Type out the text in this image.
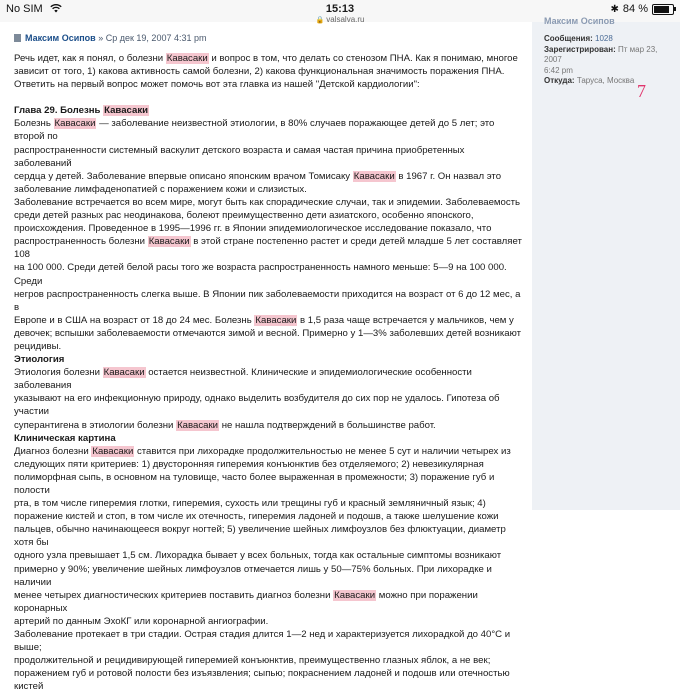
No SIM	15:13
🔒 valsalva.ru
✱ 84 %
Максим Осипов » Ср дек 19, 2007 4:31 pm

Речь идет, как я понял, о болезни Кавасаки и вопрос в том, что делать со стенозом ПНА. Как я понимаю, многое

зависит от того, 1) какова активность самой болезни, 2) какова функциональная значимость поражения ПНА.

Ответить на первый вопрос может помочь вот эта главка из нашей "Детской кардиологии":

Глава 29. Болезнь Кавасаки

Болезнь Кавасаки — заболевание неизвестной этиологии, в 80% случаев поражающее детей до 5 лет; это второй по

распространенности системный васкулит детского возраста и самая частая причина приобретенных заболеваний

сердца у детей. Заболевание впервые описано японским врачом Томисаку Кавасаки в 1967 г. Он назвал это

заболевание лимфаденопатией с поражением кожи и слизистых.

Заболевание встречается во всем мире, могут быть как спорадические случаи, так и эпидемии. Заболеваемость

среди детей разных рас неодинакова, болеют преимущественно дети азиатского, особенно японского,

происхождения. Проведенное в 1995—1996 гг. в Японии эпидемиологическое исследование показало, что

распространенность болезни Кавасаки в этой стране постепенно растет и среди детей младше 5 лет составляет 108

на 100 000. Среди детей белой расы того же возраста распространенность намного меньше: 5—9 на 100 000. Среди

негров распространенность слегка выше. В Японии пик заболеваемости приходится на возраст от 6 до 12 мес, а в

Европе и в США на возраст от 18 до 24 мес. Болезнь Кавасаки в 1,5 раза чаще встречается у мальчиков, чем у

девочек; вспышки заболеваемости отмечаются зимой и весной. Примерно у 1—3% заболевших детей возникают

рецидивы.

Этиология

Этиология болезни Кавасаки остается неизвестной. Клинические и эпидемиологические особенности заболевания

указывают на его инфекционную природу, однако выделить возбудителя до сих пор не удалось. Гипотеза об участии

суперантигена в этиологии болезни Кавасаки не нашла подтверждений в большинстве работ.

Клиническая картина

Диагноз болезни Кавасаки ставится при лихорадке продолжительностью не менее 5 сут и наличии четырех из

следующих пяти критериев: 1) двусторонняя гиперемия конъюнктив без отделяемого; 2) невезикулярная

полиморфная сыпь, в основном на туловище, часто более выраженная в промежности; 3) поражение губ и полости

рта, в том числе гиперемия глотки, гиперемия, сухость или трещины губ и красный земляничный язык; 4)

поражение кистей и стоп, в том числе их отечность, гиперемия ладоней и подошв, а также шелушение кожи

пальцев, обычно начинающееся вокруг ногтей; 5) увеличение шейных лимфоузлов без флюктуации, диаметр хотя бы

одного узла превышает 1,5 см. Лихорадка бывает у всех больных, тогда как остальные симптомы возникают

примерно у 90%; увеличение шейных лимфоузлов отмечается лишь у 50—75% больных. При лихорадке и наличии

менее четырех диагностических критериев поставить диагноз болезни Кавасаки можно при поражении коронарных

артерий по данным ЭхоКГ или коронарной ангиографии.

Заболевание протекает в три стадии. Острая стадия длится 1—2 нед и характеризуется лихорадкой до 40°С и выше;

продолжительной и рецидивирующей гиперемией конъюнктив, преимущественно глазных яблок, а не век;

поражением губ и ротовой полости без изъязвления; сыпью; покраснением ладоней и подошв или отечностью кистей

Максим Осипов
Сообщения: 1028
Зарегистрирован: Пт мар 23, 2007
6:42 pm
Откуда: Таруса, Москва
7
